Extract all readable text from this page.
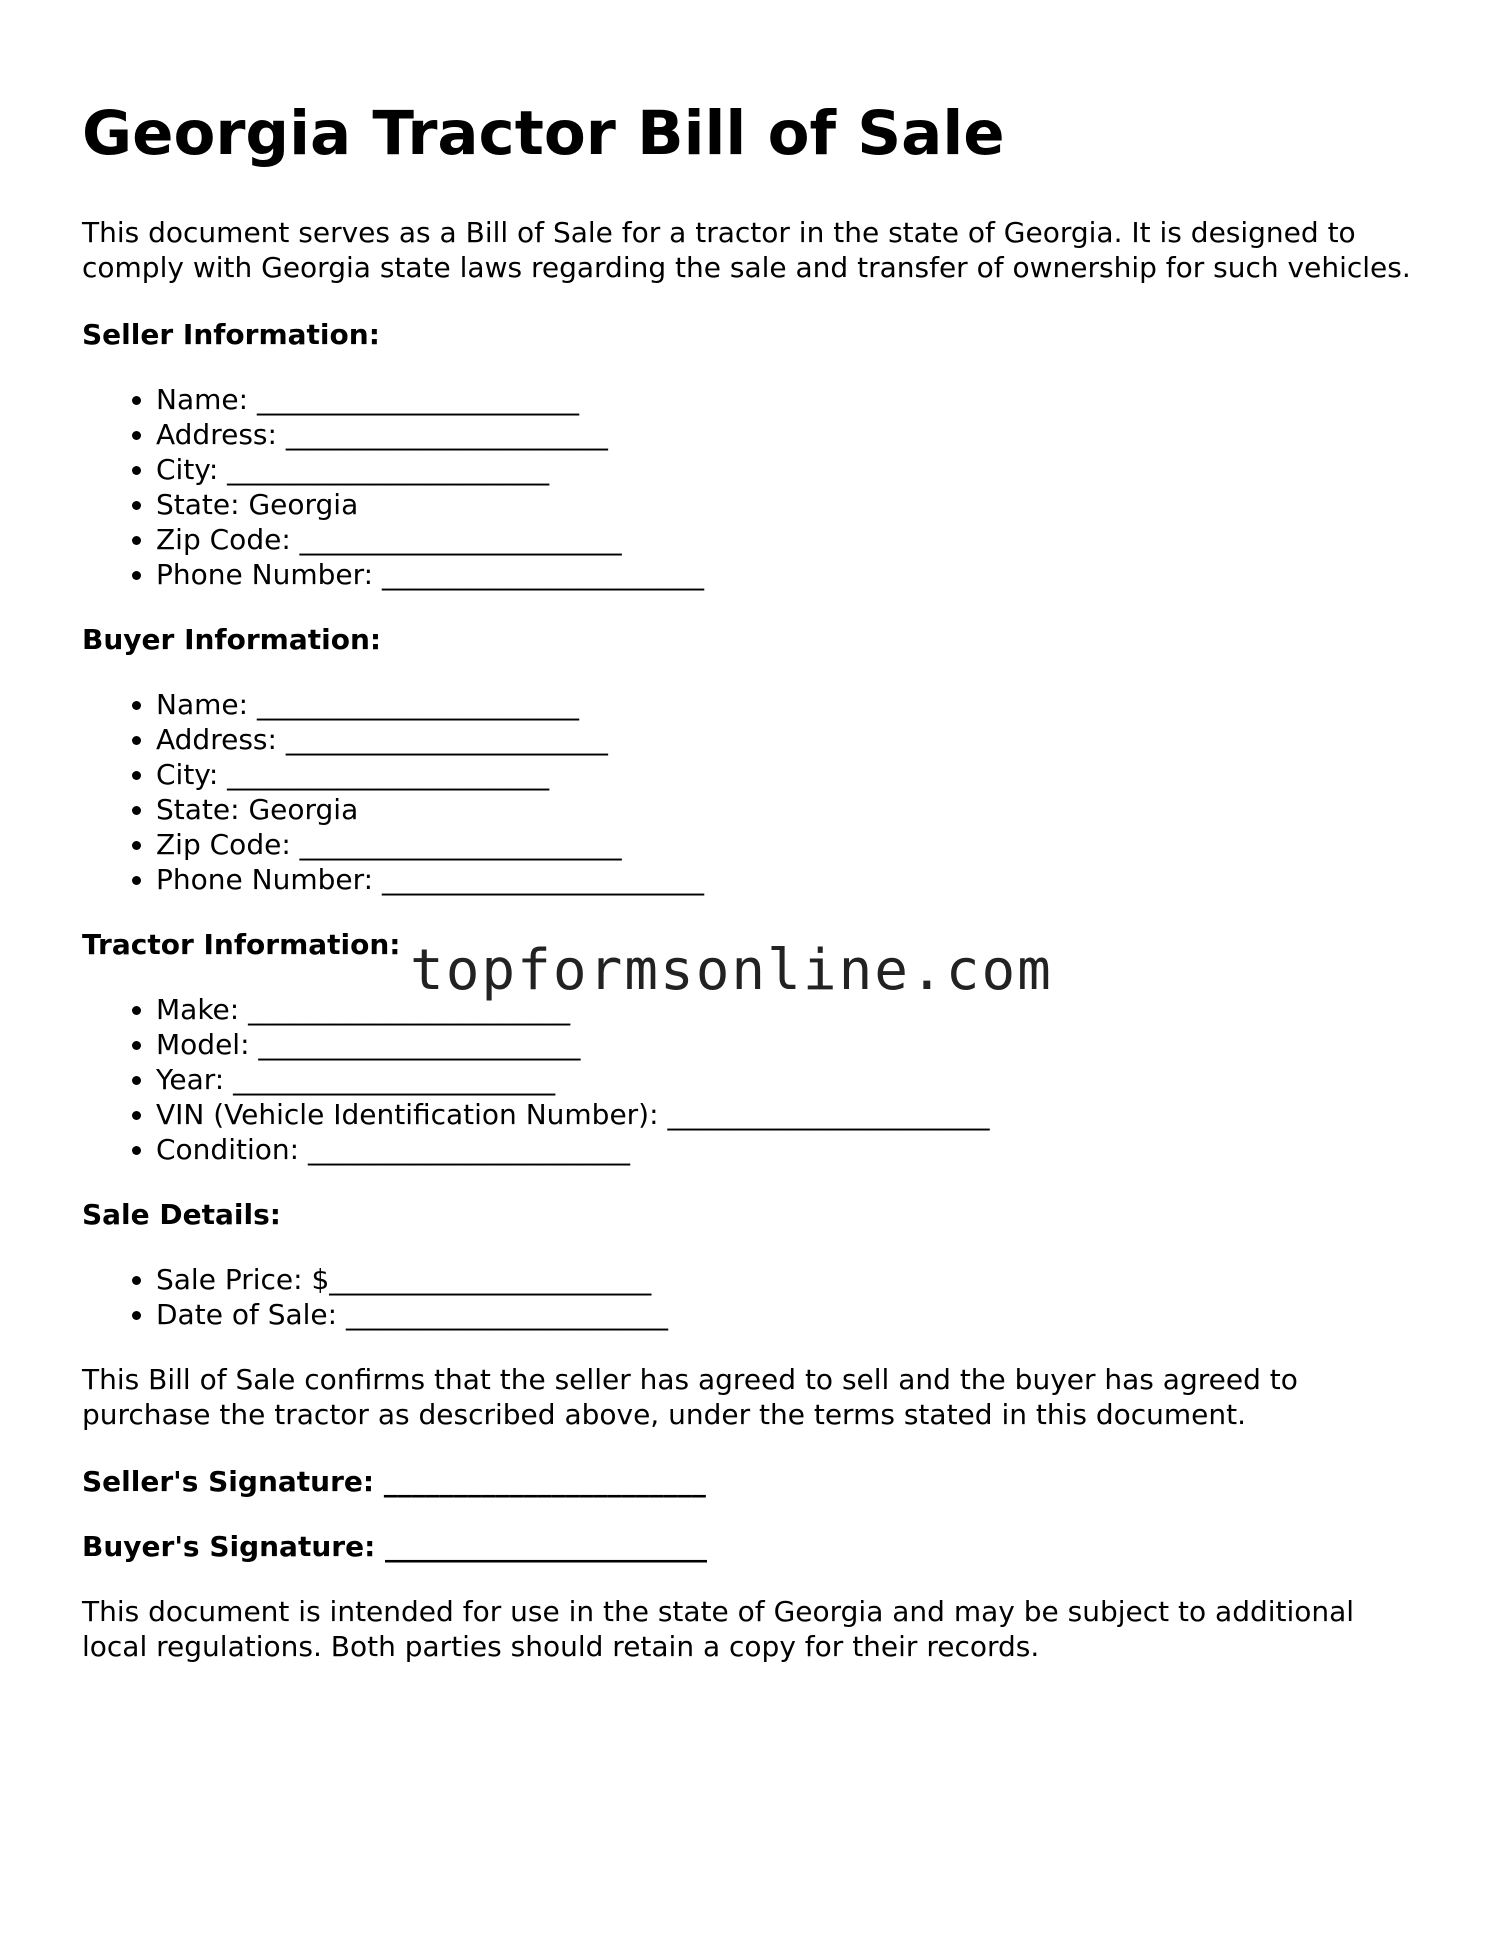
Georgia Tractor Bill of Sale

This document serves as a Bill of Sale for a tractor in the state of Georgia. It is designed to comply with Georgia state laws regarding the sale and transfer of ownership for such vehicles.

Seller Information:
• Name: _______________________
• Address: _______________________
• City: _______________________
• State: Georgia
• Zip Code: _______________________
• Phone Number: _______________________
Buyer Information:
• Name: _______________________
• Address: _______________________
• City: _______________________
• State: Georgia
• Zip Code: _______________________
• Phone Number: _______________________
Tractor Information:
• Make: _______________________
• Model: _______________________
• Year: _______________________
• VIN (Vehicle Identification Number): _______________________
• Condition: _______________________
Sale Details:
• Sale Price: $_______________________
• Date of Sale: _______________________

This Bill of Sale confirms that the seller has agreed to sell and the buyer has agreed to purchase the tractor as described above, under the terms stated in this document.

Seller's Signature: _______________________
Buyer's Signature: _______________________

This document is intended for use in the state of Georgia and may be subject to additional local regulations. Both parties should retain a copy for their records.

topformsonline.com
